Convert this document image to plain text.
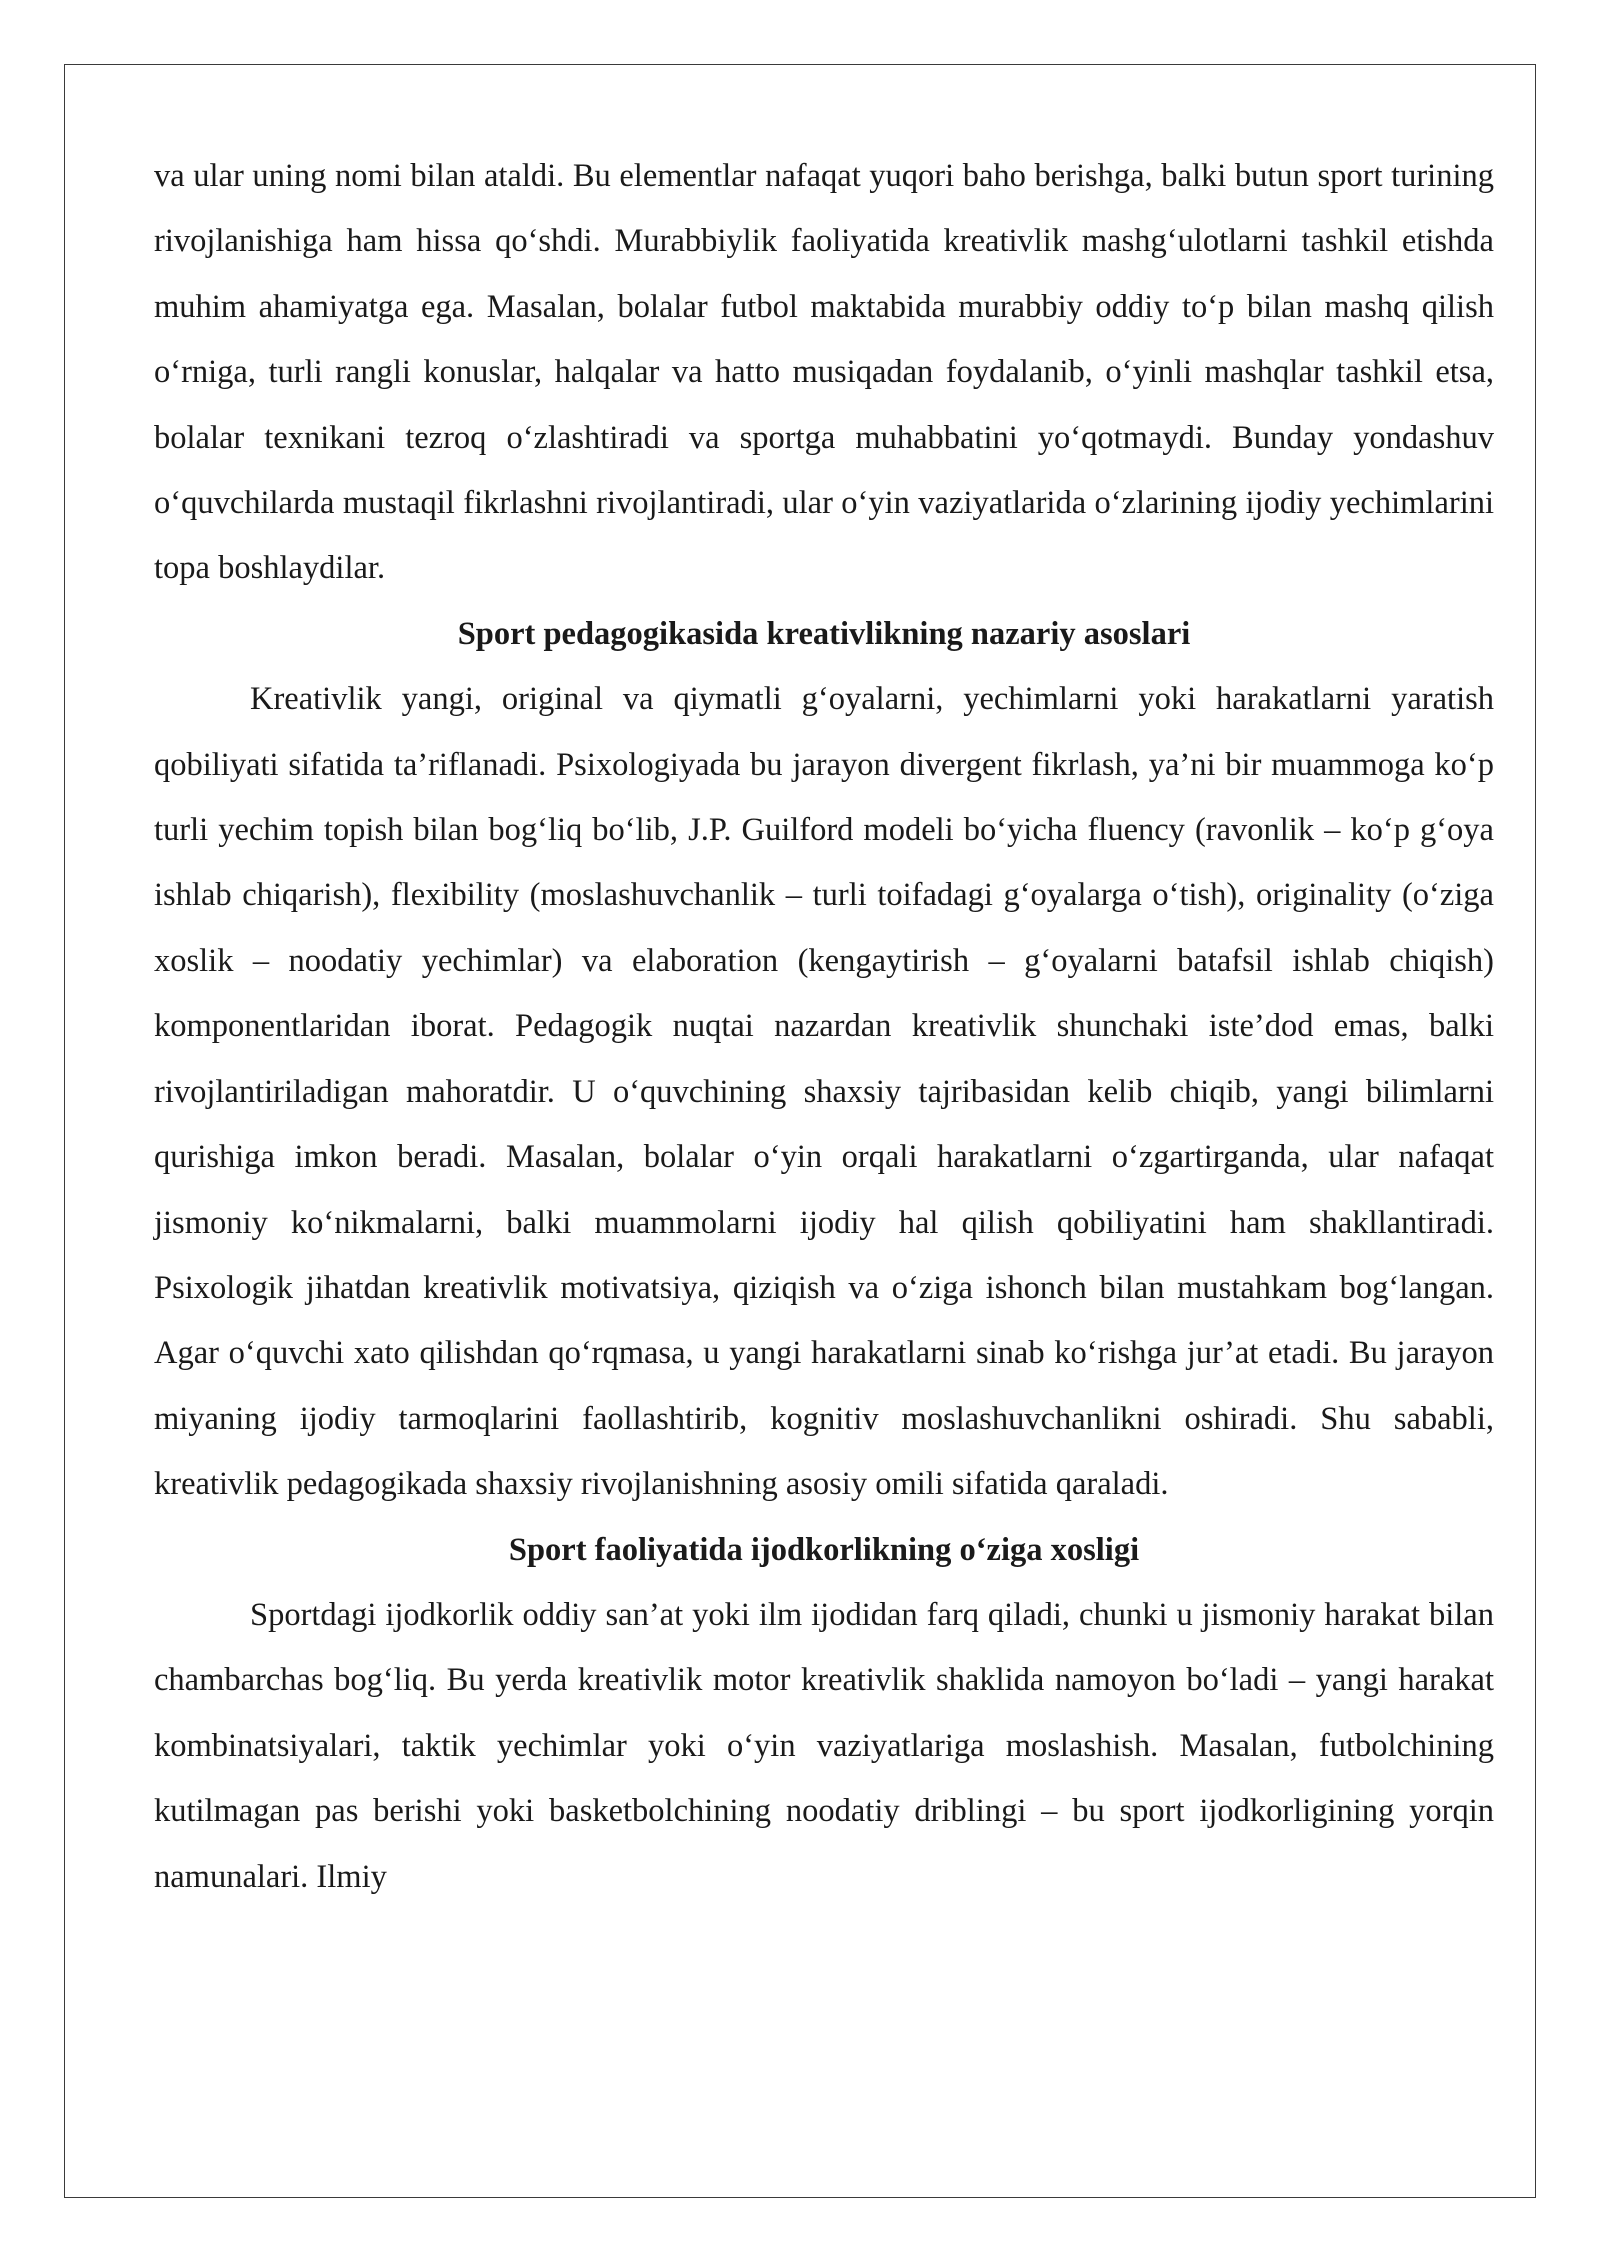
va ular uning nomi bilan ataldi. Bu elementlar nafaqat yuqori baho berishga, balki butun sport turining rivojlanishiga ham hissa qo‘shdi. Murabbiylik faoliyatida kreativlik mashg‘ulotlarni tashkil etishda muhim ahamiyatga ega. Masalan, bolalar futbol maktabida murabbiy oddiy to‘p bilan mashq qilish o‘rniga, turli rangli konuslar, halqalar va hatto musiqadan foydalanib, o‘yinli mashqlar tashkil etsa, bolalar texnikani tezroq o‘zlashtiradi va sportga muhabbatini yo‘qotmaydi. Bunday yondashuv o‘quvchilarda mustaqil fikrlashni rivojlantiradi, ular o‘yin vaziyatlarida o‘zlarining ijodiy yechimlarini topa boshlaydilar.

Sport pedagogikasida kreativlikning nazariy asoslari

Kreativlik yangi, original va qiymatli g‘oyalarni, yechimlarni yoki harakatlarni yaratish qobiliyati sifatida ta’riflanadi. Psixologiyada bu jarayon divergent fikrlash, ya’ni bir muammoga ko‘p turli yechim topish bilan bog‘liq bo‘lib, J.P. Guilford modeli bo‘yicha fluency (ravonlik – ko‘p g‘oya ishlab chiqarish), flexibility (moslashuvchanlik – turli toifadagi g‘oyalarga o‘tish), originality (o‘ziga xoslik – noodatiy yechimlar) va elaboration (kengaytirish – g‘oyalarni batafsil ishlab chiqish) komponentlaridan iborat. Pedagogik nuqtai nazardan kreativlik shunchaki iste’dod emas, balki rivojlantiriladigan mahoratdir. U o‘quvchining shaxsiy tajribasidan kelib chiqib, yangi bilimlarni qurishiga imkon beradi. Masalan, bolalar o‘yin orqali harakatlarni o‘zgartirganda, ular nafaqat jismoniy ko‘nikmalarni, balki muammolarni ijodiy hal qilish qobiliyatini ham shakllantiradi. Psixologik jihatdan kreativlik motivatsiya, qiziqish va o‘ziga ishonch bilan mustahkam bog‘langan. Agar o‘quvchi xato qilishdan qo‘rqmasa, u yangi harakatlarni sinab ko‘rishga jur’at etadi. Bu jarayon miyaning ijodiy tarmoqlarini faollashtirib, kognitiv moslashuvchanlikni oshiradi. Shu sababli, kreativlik pedagogikada shaxsiy rivojlanishning asosiy omili sifatida qaraladi.

Sport faoliyatida ijodkorlikning o‘ziga xosligi

Sportdagi ijodkorlik oddiy san’at yoki ilm ijodidan farq qiladi, chunki u jismoniy harakat bilan chambarchas bog‘liq. Bu yerda kreativlik motor kreativlik shaklida namoyon bo‘ladi – yangi harakat kombinatsiyalari, taktik yechimlar yoki o‘yin vaziyatlariga moslashish. Masalan, futbolchining kutilmagan pas berishi yoki basketbolchining noodatiy driblingi – bu sport ijodkorligining yorqin namunalari. Ilmiy
